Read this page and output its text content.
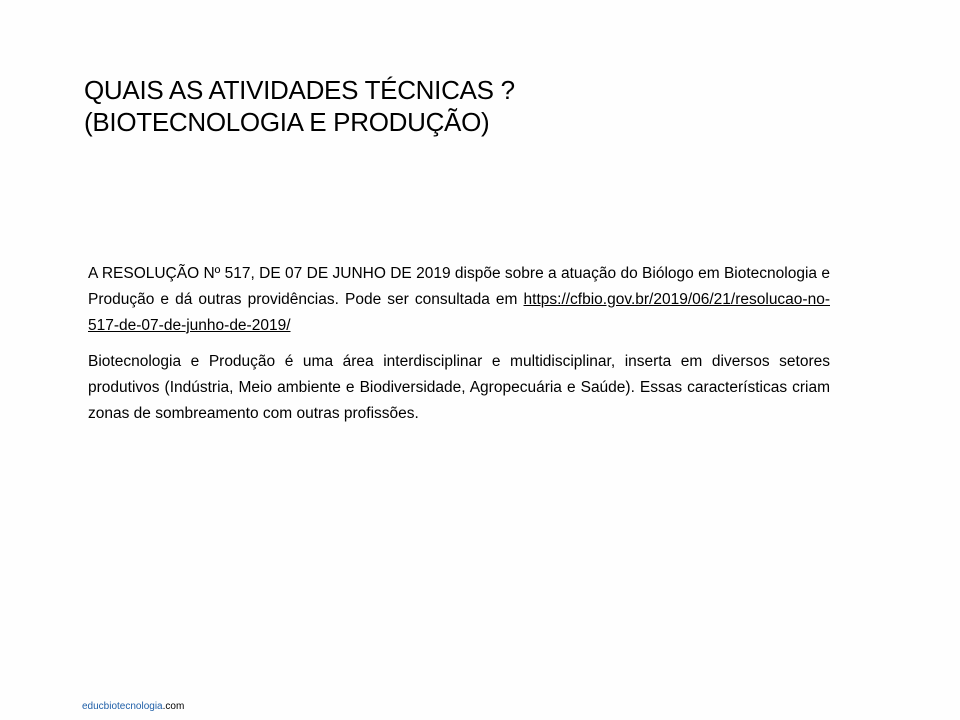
QUAIS AS ATIVIDADES TÉCNICAS ?
(BIOTECNOLOGIA E PRODUÇÃO)

A RESOLUÇÃO Nº 517, DE 07 DE JUNHO DE 2019 dispõe sobre a atuação do Biólogo em Biotecnologia e Produção e dá outras providências. Pode ser consultada em https://cfbio.gov.br/2019/06/21/resolucao-no-517-de-07-de-junho-de-2019/

Biotecnologia e Produção é uma área interdisciplinar e multidisciplinar, inserta em diversos setores produtivos (Indústria, Meio ambiente e Biodiversidade, Agropecuária e Saúde). Essas características criam zonas de sombreamento com outras profissões.

educbiotecnologia.com
